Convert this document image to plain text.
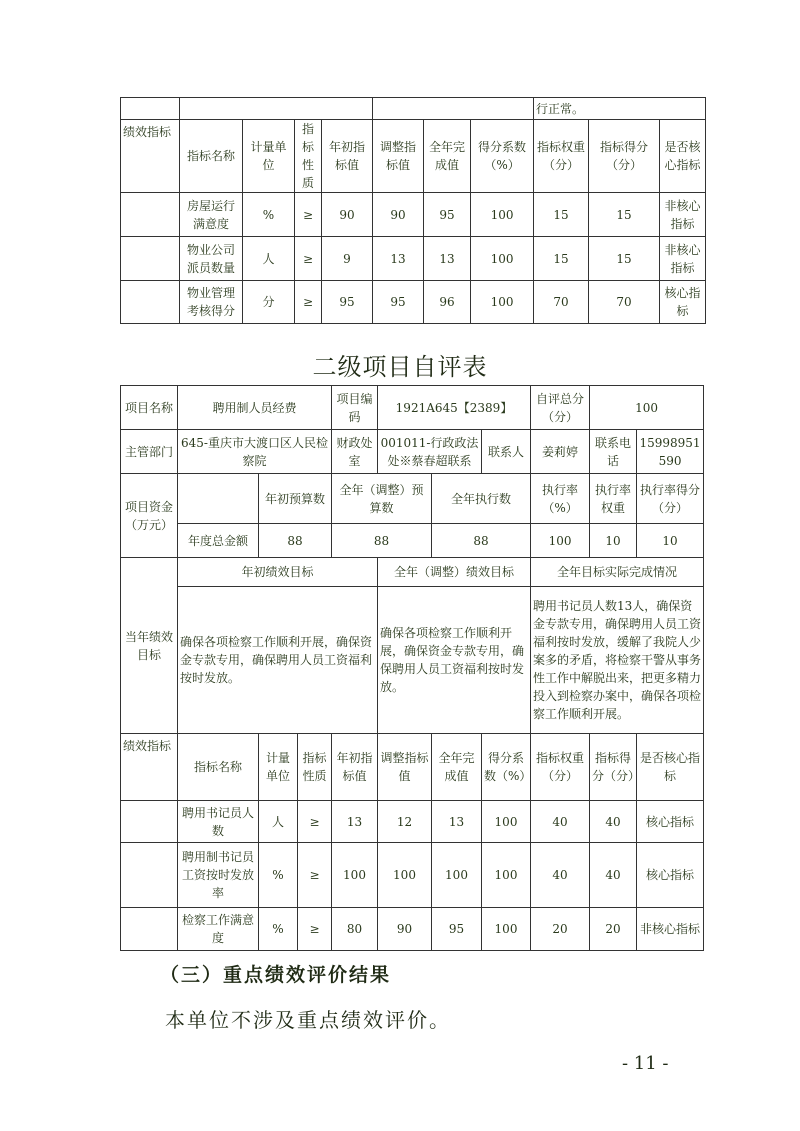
								行正常。		
绩效指标	指标名称	计量单位	指标性质	年初指标值	调整指标值	全年完成值	得分系数（%）	指标权重（分）	指标得分（分）	是否核心指标
	房屋运行满意度	%	≥	90	90	95	100	15	15	非核心指标
	物业公司派员数量	人	≥	9	13	13	100	15	15	非核心指标
	物业管理考核得分	分	≥	95	95	96	100	70	70	核心指标
二级项目自评表
项目名称	聘用制人员经费			项目编码	1921A645【2389】			自评总分（分）	100	
主管部门	645-重庆市大渡口区人民检察院			财政处室	001011-行政政法处※蔡春超联系		联系人	姜莉婷	联系电话	15998951590
项目资金（万元）		年初预算数		全年（调整）预算数		全年执行数		执行率（%）	执行率权重	执行率得分（分）
	年度总金额	88		88		88		100	10	10
当年绩效目标	年初绩效目标				全年（调整）绩效目标			全年目标实际完成情况		
	确保各项检察工作顺利开展，确保资金专款专用，确保聘用人员工资福利按时发放。				确保各项检察工作顺利开展，确保资金专款专用，确保聘用人员工资福利按时发放。			聘用书记员人数13人，确保资金专款专用，确保聘用人员工资福利按时发放，缓解了我院人少案多的矛盾，将检察干警从事务性工作中解脱出来，把更多精力投入到检察办案中，确保各项检察工作顺利开展。		
绩效指标	指标名称	计量单位	指标性质	年初指标值	调整指标值	全年完成值	得分系数（%）	指标权重（分）	指标得分（分）	是否核心指标
	聘用书记员人数	人	≥	13	12	13	100	40	40	核心指标
	聘用制书记员工资按时发放率	%	≥	100	100	100	100	40	40	核心指标
	检察工作满意度	%	≥	80	90	95	100	20	20	非核心指标
（三）重点绩效评价结果
本单位不涉及重点绩效评价。
- 11 -
